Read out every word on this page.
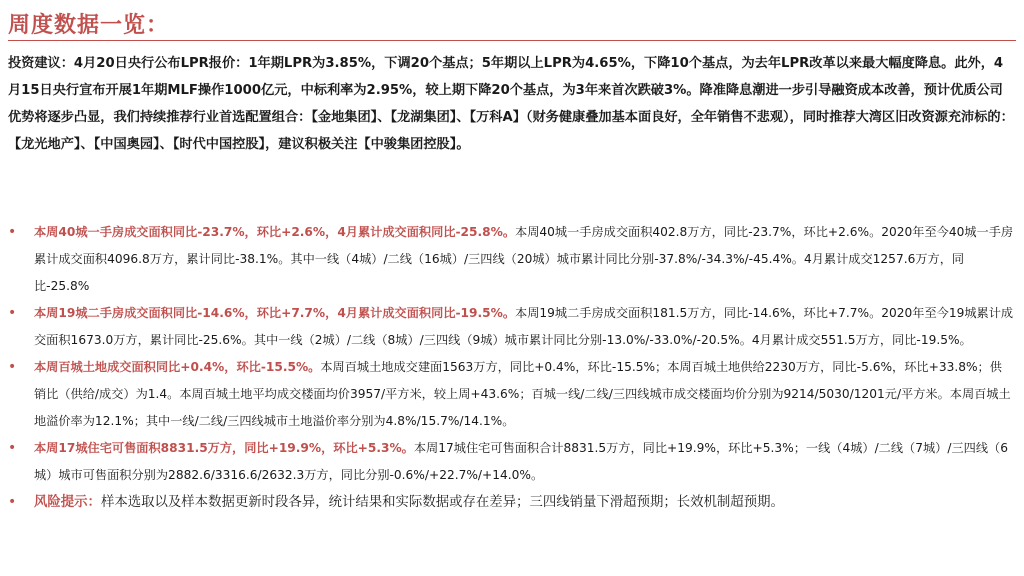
周度数据一览：

投资建议：4月20日央行公布LPR报价：1年期LPR为3.85%，下调20个基点；5年期以上LPR为4.65%，下降10个基点，为去年LPR改革以来最大幅度降息。此外，4月15日央行宣布开展1年期MLF操作1000亿元，中标利率为2.95%，较上期下降20个基点，为3年来首次跌破3%。降准降息潮进一步引导融资成本改善，预计优质公司优势将逐步凸显，我们持续推荐行业首选配置组合：【金地集团】、【龙湖集团】、【万科A】（财务健康叠加基本面良好，全年销售不悲观），同时推荐大湾区旧改资源充沛标的：【龙光地产】、【中国奥园】、【时代中国控股】，建议积极关注【中骏集团控股】。

• 本周40城一手房成交面积同比-23.7%，环比+2.6%，4月累计成交面积同比-25.8%。本周40城一手房成交面积402.8万方，同比-23.7%，环比+2.6%。2020年至今40城一手房累计成交面积4096.8万方，累计同比-38.1%。其中一线（4城）/二线（16城）/三四线（20城）城市累计同比分别-37.8%/-34.3%/-45.4%。4月累计成交1257.6万方，同比-25.8%
• 本周19城二手房成交面积同比-14.6%，环比+7.7%，4月累计成交面积同比-19.5%。本周19城二手房成交面积181.5万方，同比-14.6%，环比+7.7%。2020年至今19城累计成交面积1673.0万方，累计同比-25.6%。其中一线（2城）/二线（8城）/三四线（9城）城市累计同比分别-13.0%/-33.0%/-20.5%。4月累计成交551.5万方，同比-19.5%。
• 本周百城土地成交面积同比+0.4%，环比-15.5%。本周百城土地成交建面1563万方，同比+0.4%，环比-15.5%；本周百城土地供给2230万方，同比-5.6%，环比+33.8%；供销比（供给/成交）为1.4。本周百城土地平均成交楼面均价3957/平方米，较上周+43.6%；百城一线/二线/三四线城市成交楼面均价分别为9214/5030/1201元/平方米。本周百城土地溢价率为12.1%；其中一线/二线/三四线城市土地溢价率分别为4.8%/15.7%/14.1%。
• 本周17城住宅可售面积8831.5万方，同比+19.9%，环比+5.3%。本周17城住宅可售面积合计8831.5万方，同比+19.9%，环比+5.3%；一线（4城）/二线（7城）/三四线（6城）城市可售面积分别为2882.6/3316.6/2632.3万方，同比分别-0.6%/+22.7%/+14.0%。
• 风险提示：样本选取以及样本数据更新时段各异，统计结果和实际数据或存在差异；三四线销量下滑超预期；长效机制超预期。
